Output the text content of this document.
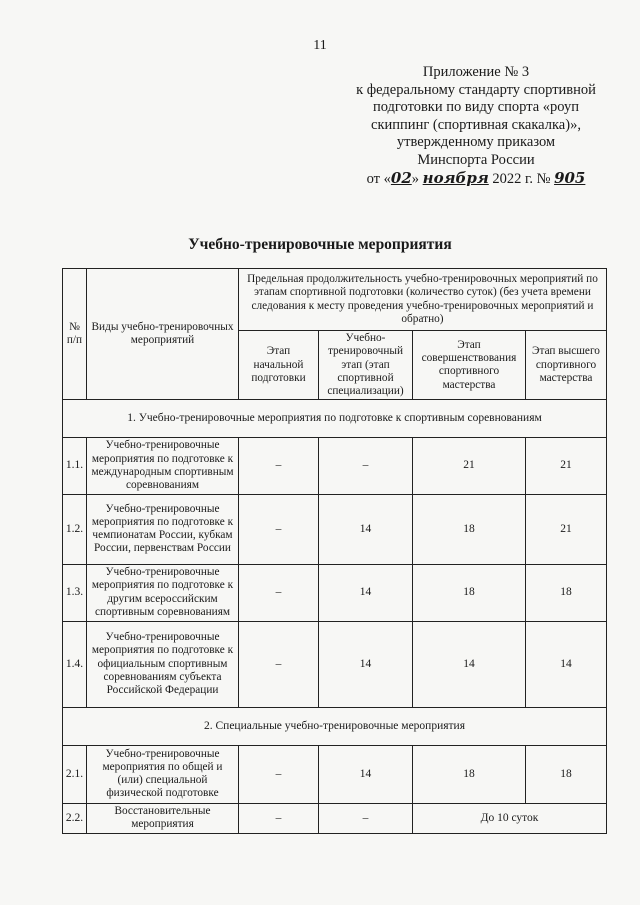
11
Приложение № 3
к федеральному стандарту спортивной
подготовки по виду спорта «роуп
скиппинг (спортивная скакалка)»,
утвержденному приказом
Минспорта России
от «02» ноября 2022 г. № 905
Учебно-тренировочные мероприятия
№ п/п	Виды учебно-тренировочных мероприятий	Предельная продолжительность учебно-тренировочных мероприятий по этапам спортивной подготовки (количество суток) (без учета времени следования к месту проведения учебно-тренировочных мероприятий и обратно)			
		Этап начальной подготовки	Учебно-тренировочный этап (этап спортивной специализации)	Этап совершенствования спортивного мастерства	Этап высшего спортивного мастерства
1. Учебно-тренировочные мероприятия по подготовке к спортивным соревнованиям					
1.1.	Учебно-тренировочные мероприятия по подготовке к международным спортивным соревнованиям	–	–	21	21
1.2.	Учебно-тренировочные мероприятия по подготовке к чемпионатам России, кубкам России, первенствам России	–	14	18	21
1.3.	Учебно-тренировочные мероприятия по подготовке к другим всероссийским спортивным соревнованиям	–	14	18	18
1.4.	Учебно-тренировочные мероприятия по подготовке к официальным спортивным соревнованиям субъекта Российской Федерации	–	14	14	14
2. Специальные учебно-тренировочные мероприятия					
2.1.	Учебно-тренировочные мероприятия по общей и (или) специальной физической подготовке	–	14	18	18
2.2.	Восстановительные мероприятия	–	–	До 10 суток	
